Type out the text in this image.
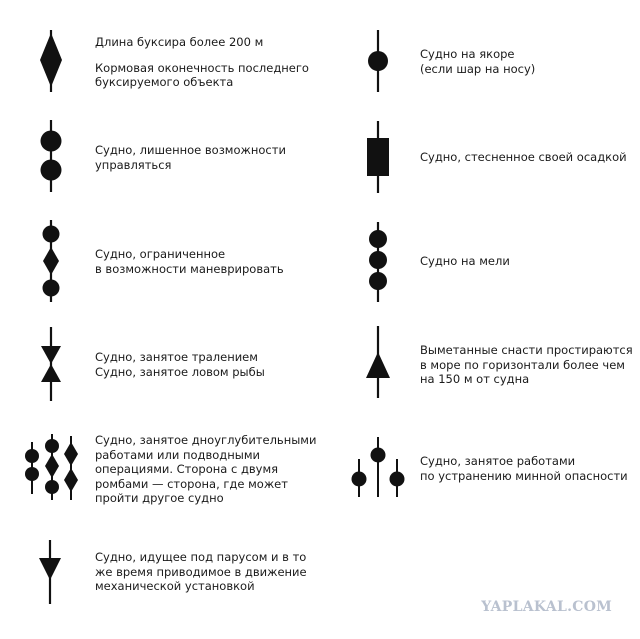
Длина буксира более 200 м
Кормовая оконечность последнего
буксируемого объекта
Судно, лишенное возможности
управляться
Судно, ограниченное
в возможности маневрировать
Судно, занятое тралением
Судно, занятое ловом рыбы
Судно, занятое дноуглубительными
работами или подводными
операциями. Сторона с двумя
ромбами — сторона, где может
пройти другое судно
Судно, идущее под парусом и в то
же время приводимое в движение
механической установкой
Судно на якоре
(если шар на носу)
Судно, стесненное своей осадкой
Судно на мели
Выметанные снасти простираются
в море по горизонтали более чем
на 150 м от судна
Судно, занятое работами
по устранению минной опасности
YAPLAKAL.COM
